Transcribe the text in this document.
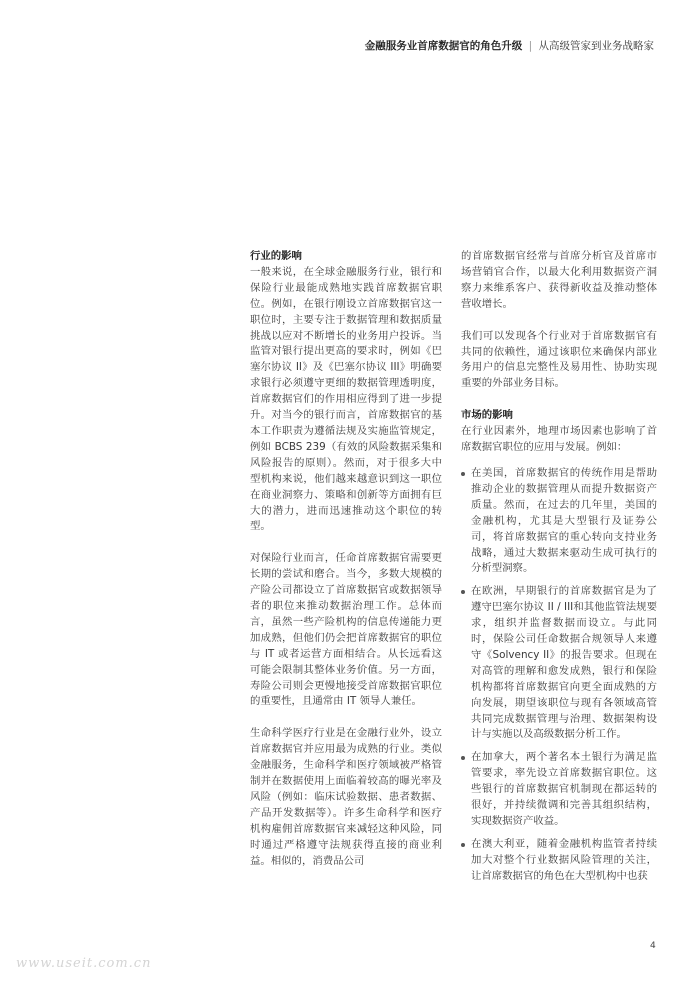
金融服务业首席数据官的角色升级 | 从高级管家到业务战略家
行业的影响

一般来说，在全球金融服务行业，银行和保险行业最能成熟地实践首席数据官职位。例如，在银行刚设立首席数据官这一职位时，主要专注于数据管理和数据质量挑战以应对不断增长的业务用户投诉。当监管对银行提出更高的要求时，例如《巴塞尔协议 II》及《巴塞尔协议 III》明确要求银行必须遵守更细的数据管理透明度，首席数据官们的作用相应得到了进一步提升。对当今的银行而言，首席数据官的基本工作职责为遵循法规及实施监管规定，例如 BCBS 239（有效的风险数据采集和风险报告的原则）。然而，对于很多大中型机构来说，他们越来越意识到这一职位在商业洞察力、策略和创新等方面拥有巨大的潜力，进而迅速推动这个职位的转型。

对保险行业而言，任命首席数据官需要更长期的尝试和磨合。当今，多数大规模的产险公司都设立了首席数据官或数据领导者的职位来推动数据治理工作。总体而言，虽然一些产险机构的信息传递能力更加成熟，但他们仍会把首席数据官的职位与 IT 或者运营方面相结合。从长远看这可能会限制其整体业务价值。另一方面，寿险公司则会更慢地接受首席数据官职位的重要性，且通常由 IT 领导人兼任。

生命科学医疗行业是在金融行业外，设立首席数据官并应用最为成熟的行业。类似金融服务，生命科学和医疗领域被严格管制并在数据使用上面临着较高的曝光率及风险（例如：临床试验数据、患者数据、产品开发数据等）。许多生命科学和医疗机构雇佣首席数据官来减轻这种风险，同时通过严格遵守法规获得直接的商业利益。相似的，消费品公司

的首席数据官经常与首席分析官及首席市场营销官合作，以最大化利用数据资产洞察力来维系客户、获得新收益及推动整体营收增长。

我们可以发现各个行业对于首席数据官有共同的依赖性，通过该职位来确保内部业务用户的信息完整性及易用性、协助实现重要的外部业务目标。

市场的影响

在行业因素外，地理市场因素也影响了首席数据官职位的应用与发展。例如：

在美国，首席数据官的传统作用是帮助推动企业的数据管理从而提升数据资产质量。然而，在过去的几年里，美国的金融机构，尤其是大型银行及证券公司，将首席数据官的重心转向支持业务战略，通过大数据来驱动生成可执行的分析型洞察。
在欧洲，早期银行的首席数据官是为了遵守巴塞尔协议 II / III和其他监管法规要求，组织并监督数据而设立。与此同时，保险公司任命数据合规领导人来遵守《Solvency II》的报告要求。但现在对高管的理解和愈发成熟，银行和保险机构都将首席数据官向更全面成熟的方向发展，期望该职位与现有各领域高管共同完成数据管理与治理、数据架构设计与实施以及高级数据分析工作。
在加拿大，两个著名本土银行为满足监管要求，率先设立首席数据官职位。这些银行的首席数据官机制现在都运转的很好，并持续微调和完善其组织结构，实现数据资产收益。
在澳大利亚，随着金融机构监管者持续加大对整个行业数据风险管理的关注，让首席数据官的角色在大型机构中也获
4
www.useit.com.cn
